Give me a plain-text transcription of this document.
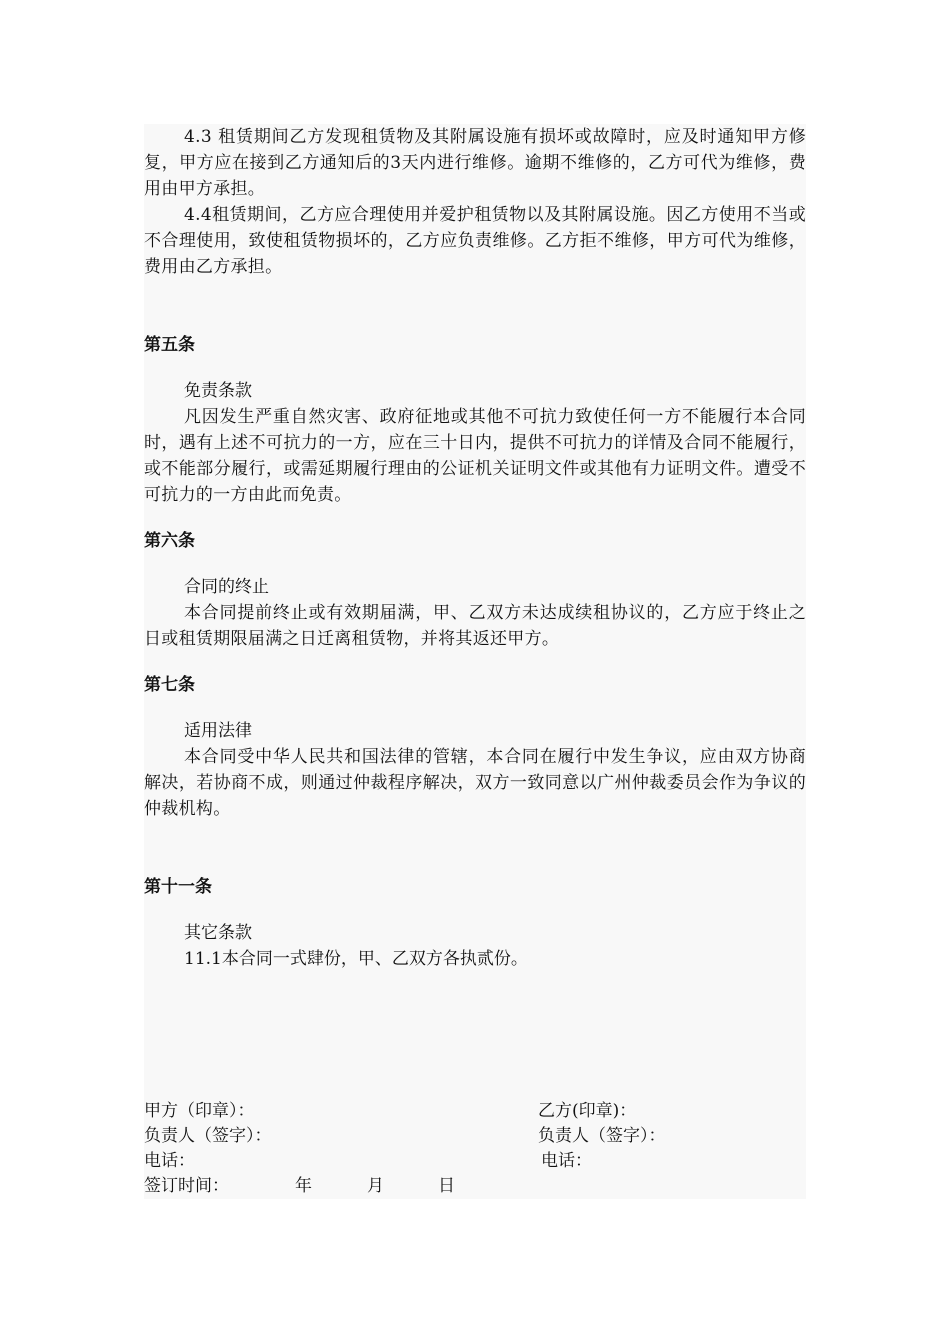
4.3 租赁期间乙方发现租赁物及其附属设施有损坏或故障时，应及时通知甲方修复，甲方应在接到乙方通知后的3天内进行维修。逾期不维修的，乙方可代为维修，费用由甲方承担。

4.4租赁期间，乙方应合理使用并爱护租赁物以及其附属设施。因乙方使用不当或不合理使用，致使租赁物损坏的，乙方应负责维修。乙方拒不维修，甲方可代为维修，费用由乙方承担。

第五条

免责条款

凡因发生严重自然灾害、政府征地或其他不可抗力致使任何一方不能履行本合同时，遇有上述不可抗力的一方，应在三十日内，提供不可抗力的详情及合同不能履行，或不能部分履行，或需延期履行理由的公证机关证明文件或其他有力证明文件。遭受不可抗力的一方由此而免责。

第六条

合同的终止

本合同提前终止或有效期届满，甲、乙双方未达成续租协议的，乙方应于终止之日或租赁期限届满之日迁离租赁物，并将其返还甲方。

第七条

适用法律

本合同受中华人民共和国法律的管辖，本合同在履行中发生争议，应由双方协商解决，若协商不成，则通过仲裁程序解决，双方一致同意以广州仲裁委员会作为争议的仲裁机构。

第十一条

其它条款

11.1本合同一式肆份，甲、乙双方各执贰份。

甲方（印章）：	乙方(印章)：
负责人（签字）：	负责人（签字）：
电话：	电话：
签订时间：	年	月	日
